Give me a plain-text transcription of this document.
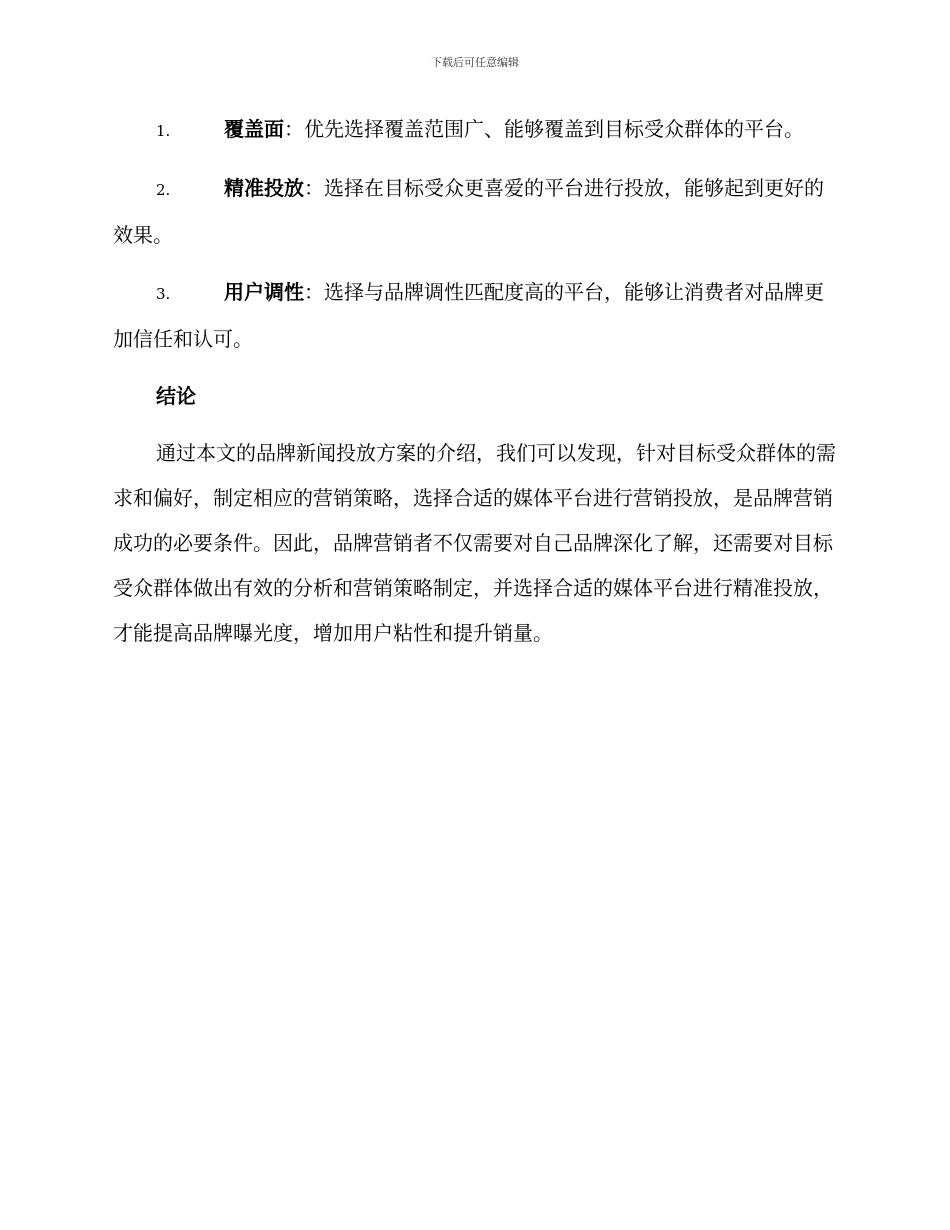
下载后可任意编辑
1.	覆盖面：优先选择覆盖范围广、能够覆盖到目标受众群体的平台。
2.	精准投放：选择在目标受众更喜爱的平台进行投放，能够起到更好的效果。
3.	用户调性：选择与品牌调性匹配度高的平台，能够让消费者对品牌更加信任和认可。
结论
通过本文的品牌新闻投放方案的介绍，我们可以发现，针对目标受众群体的需求和偏好，制定相应的营销策略，选择合适的媒体平台进行营销投放，是品牌营销成功的必要条件。因此，品牌营销者不仅需要对自己品牌深化了解，还需要对目标受众群体做出有效的分析和营销策略制定，并选择合适的媒体平台进行精准投放，才能提高品牌曝光度，增加用户粘性和提升销量。
